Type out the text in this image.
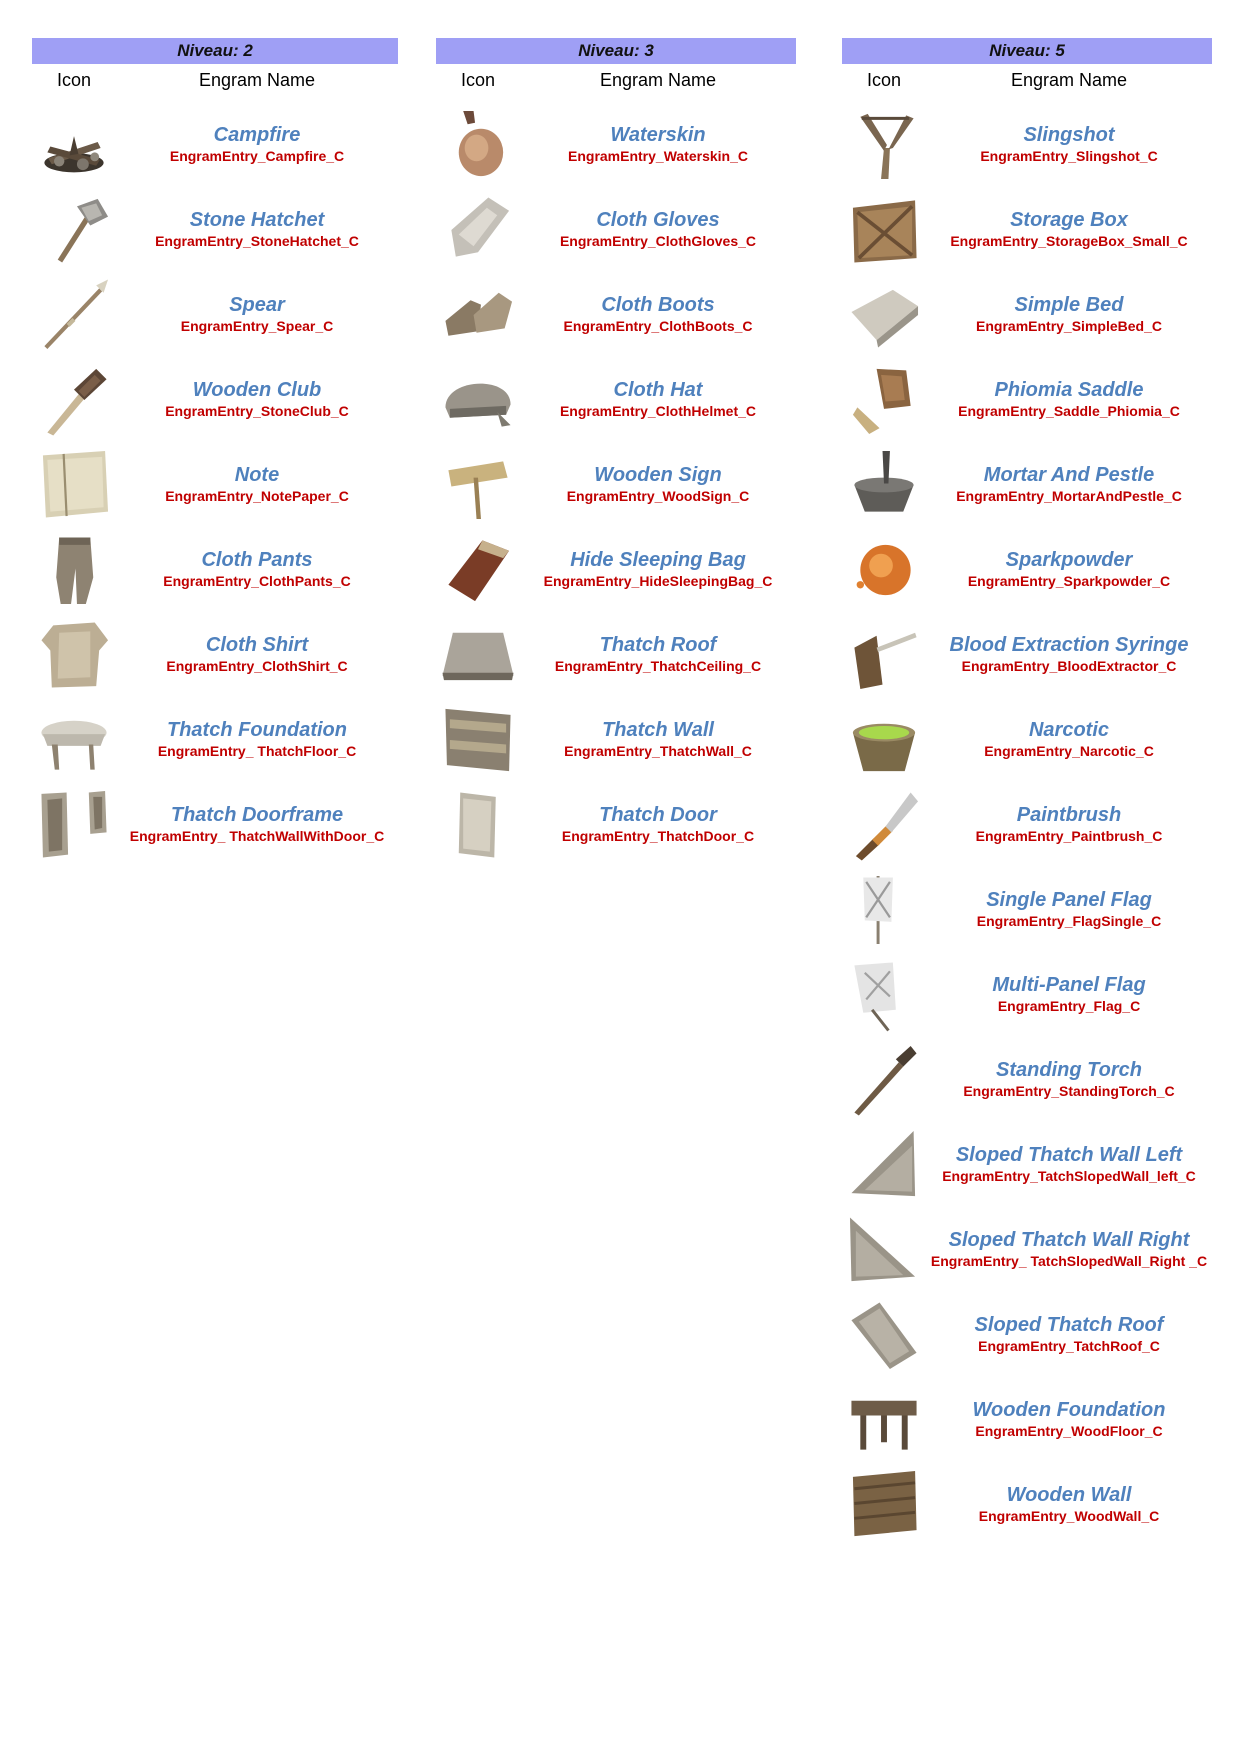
Niveau: 2
Icon	Engram Name
Campfire
EngramEntry_Campfire_C
Stone Hatchet
EngramEntry_StoneHatchet_C
Spear
EngramEntry_Spear_C
Wooden Club
EngramEntry_StoneClub_C
Note
EngramEntry_NotePaper_C
Cloth Pants
EngramEntry_ClothPants_C
Cloth Shirt
EngramEntry_ClothShirt_C
Thatch Foundation
EngramEntry_ ThatchFloor_C
Thatch Doorframe
EngramEntry_ ThatchWallWithDoor_C
Niveau: 3
Icon	Engram Name
Waterskin
EngramEntry_Waterskin_C
Cloth Gloves
EngramEntry_ClothGloves_C
Cloth Boots
EngramEntry_ClothBoots_C
Cloth Hat
EngramEntry_ClothHelmet_C
Wooden Sign
EngramEntry_WoodSign_C
Hide Sleeping Bag
EngramEntry_HideSleepingBag_C
Thatch Roof
EngramEntry_ThatchCeiling_C
Thatch Wall
EngramEntry_ThatchWall_C
Thatch Door
EngramEntry_ThatchDoor_C
Niveau: 5
Icon	Engram Name
Slingshot
EngramEntry_Slingshot_C
Storage Box
EngramEntry_StorageBox_Small_C
Simple Bed
EngramEntry_SimpleBed_C
Phiomia Saddle
EngramEntry_Saddle_Phiomia_C
Mortar And Pestle
EngramEntry_MortarAndPestle_C
Sparkpowder
EngramEntry_Sparkpowder_C
Blood Extraction Syringe
EngramEntry_BloodExtractor_C
Narcotic
EngramEntry_Narcotic_C
Paintbrush
EngramEntry_Paintbrush_C
Single Panel Flag
EngramEntry_FlagSingle_C
Multi-Panel Flag
EngramEntry_Flag_C
Standing Torch
EngramEntry_StandingTorch_C
Sloped Thatch Wall Left
EngramEntry_TatchSlopedWall_left_C
Sloped Thatch Wall Right
EngramEntry_ TatchSlopedWall_Right _C
Sloped Thatch Roof
EngramEntry_TatchRoof_C
Wooden Foundation
EngramEntry_WoodFloor_C
Wooden Wall
EngramEntry_WoodWall_C
